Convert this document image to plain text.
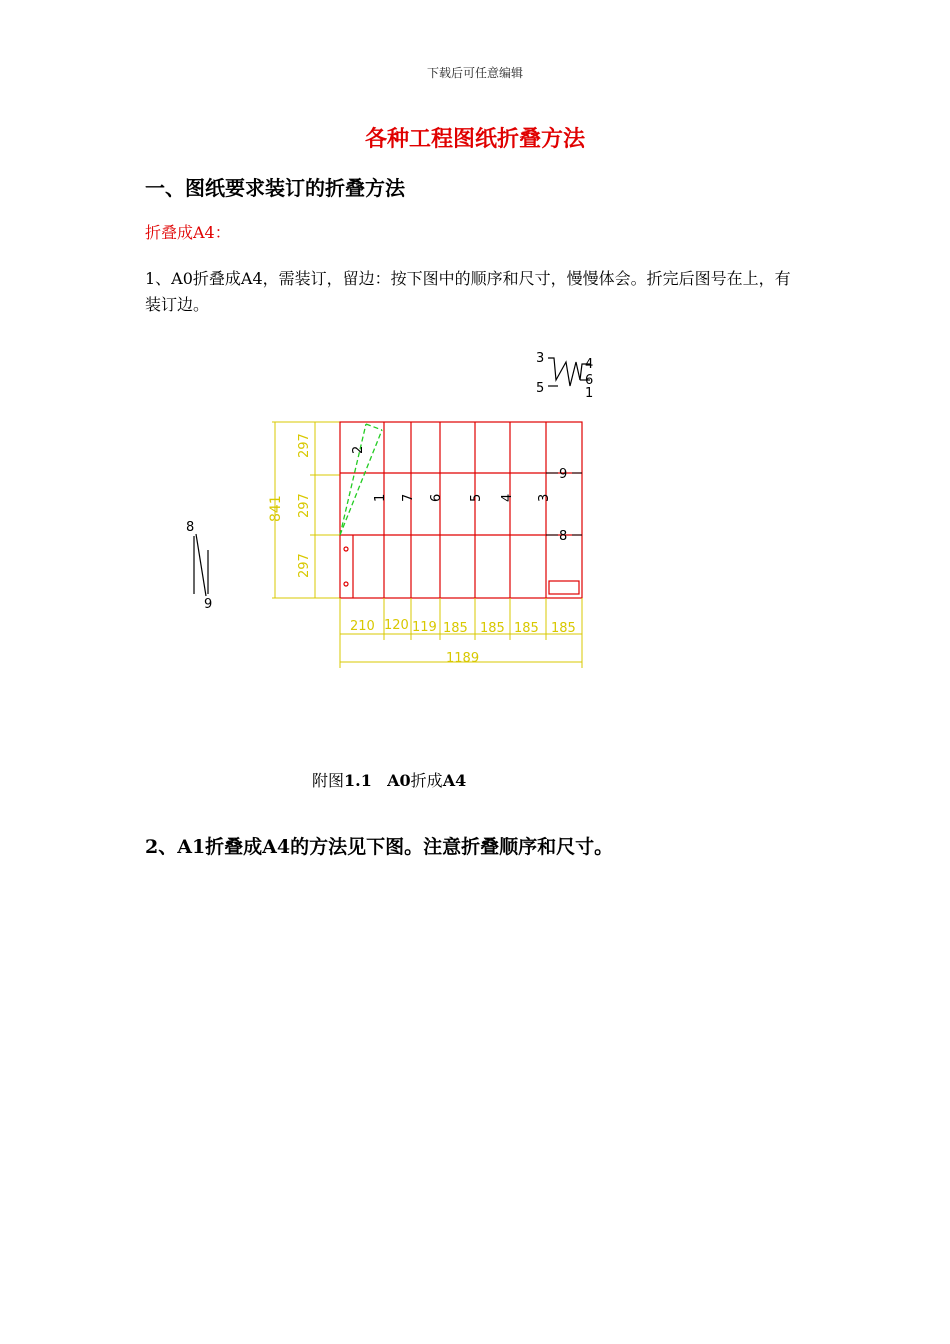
下载后可任意编辑
各种工程图纸折叠方法
一、图纸要求装订的折叠方法
折叠成A4：
1、A0折叠成A4，需装订，留边：按下图中的顺序和尺寸，慢慢体会。折完后图号在上，有装订边。
3	4
5
6
1
8
9
297
297
297
841
9
8
2
1 7 6 5 4 3
210 120 119 185 185 185 185
1189
附图1.1 A0折成A4
2、A1折叠成A4的方法见下图。注意折叠顺序和尺寸。
